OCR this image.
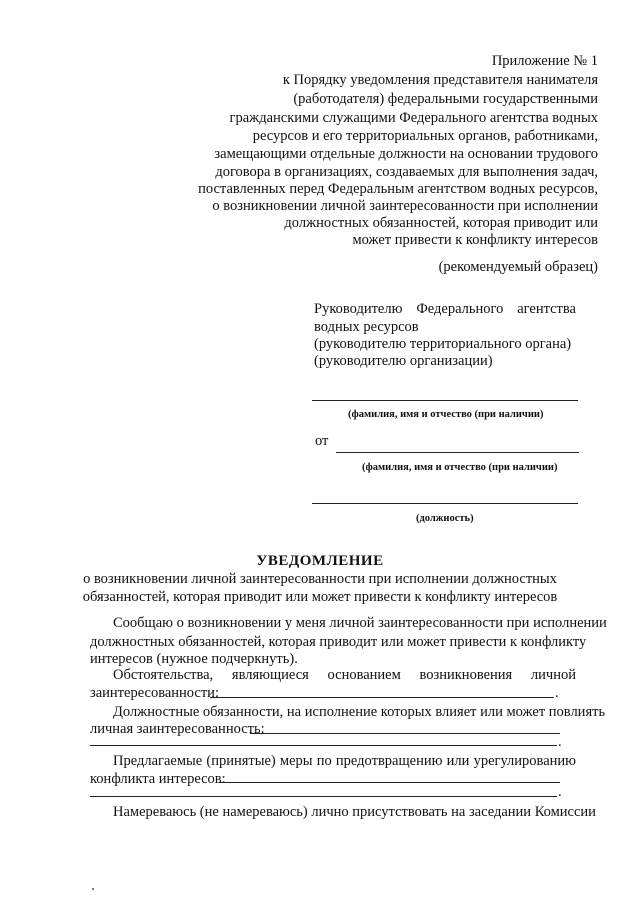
Приложение № 1
к Порядку уведомления представителя нанимателя
(работодателя) федеральными государственными
гражданскими служащими Федерального агентства водных
ресурсов и его территориальных органов, работниками,
замещающими отдельные должности на основании трудового
договора в организациях, создаваемых для выполнения задач,
поставленных перед Федеральным агентством водных ресурсов,
о возникновении личной заинтересованности при исполнении
должностных обязанностей, которая приводит или
может привести к конфликту интересов
(рекомендуемый образец)
Руководителю Федерального агентства
водных ресурсов
(руководителю территориального органа)
(руководителю организации)
(фамилия, имя и отчество (при наличии)
от
(фамилия, имя и отчество (при наличии)
(должность)
УВЕДОМЛЕНИЕ
о возникновении личной заинтересованности при исполнении должностных
обязанностей, которая приводит или может привести к конфликту интересов
Сообщаю о возникновении у меня личной заинтересованности при исполнении
должностных обязанностей, которая приводит или может привести к конфликту
интересов (нужное подчеркнуть).
Обстоятельства, являющиеся основанием возникновения личной
заинтересованности:	.
Должностные обязанности, на исполнение которых влияет или может повлиять
личная заинтересованность:
.
Предлагаемые (принятые) меры по предотвращению или урегулированию
конфликта интересов:
.
Намереваюсь (не намереваюсь) лично присутствовать на заседании Комиссии
